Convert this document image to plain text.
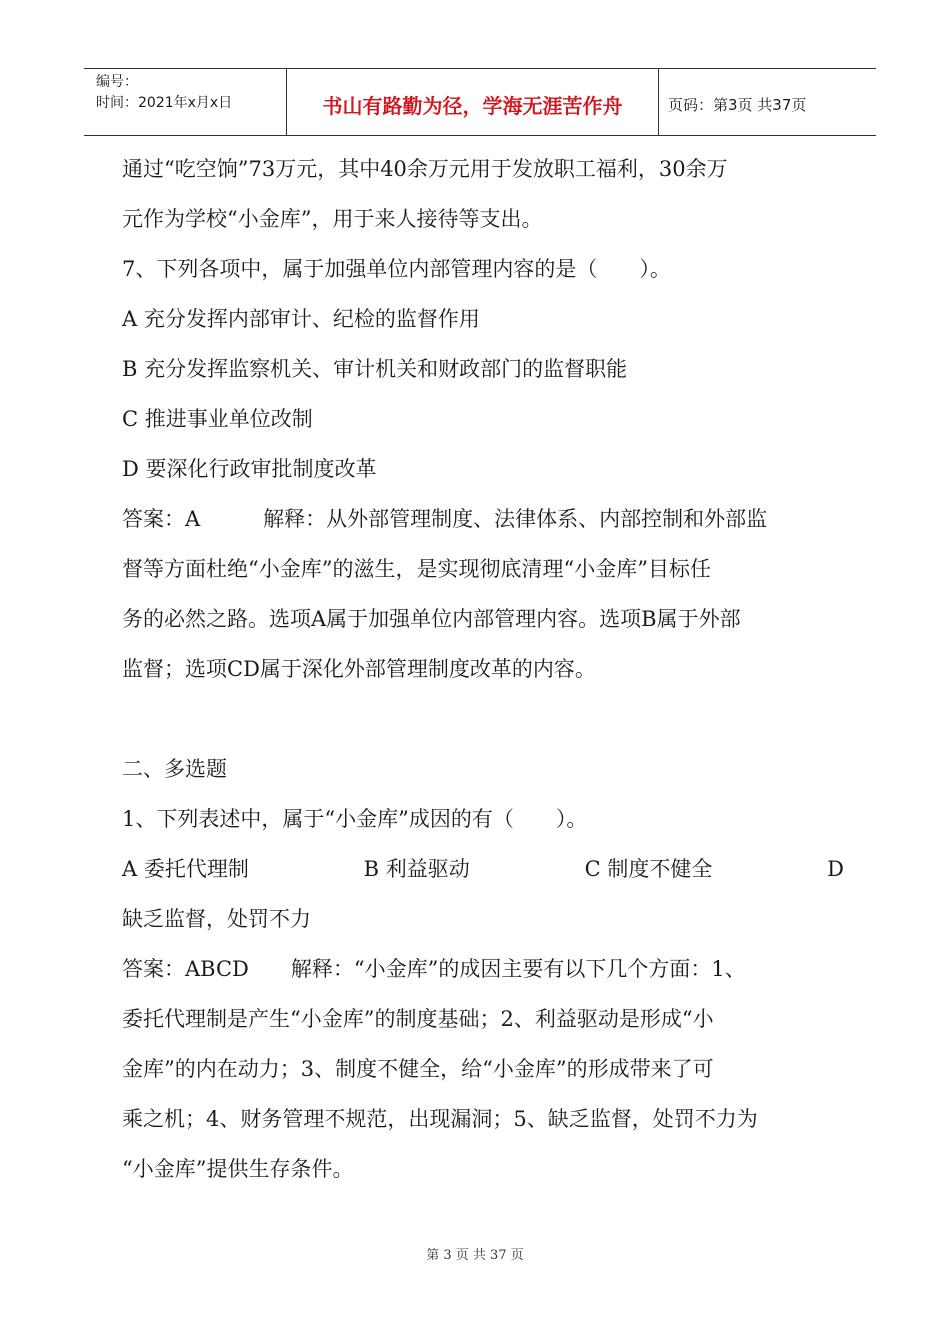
编号：
时间：2021年x月x日	书山有路勤为径，学海无涯苦作舟	页码：第3页 共37页

通过“吃空饷”73万元，其中40余万元用于发放职工福利，30余万

元作为学校“小金库”，用于来人接待等支出。

7、下列各项中，属于加强单位内部管理内容的是（　　）。

A 充分发挥内部审计、纪检的监督作用

B 充分发挥监察机关、审计机关和财政部门的监督职能

C 推进事业单位改制

D 要深化行政审批制度改革

答案：A　　　解释：从外部管理制度、法律体系、内部控制和外部监

督等方面杜绝“小金库”的滋生，是实现彻底清理“小金库”目标任

务的必然之路。选项A属于加强单位内部管理内容。选项B属于外部

监督；选项CD属于深化外部管理制度改革的内容。

二、多选题

1、下列表述中，属于“小金库”成因的有（　　）。

A 委托代理制	B 利益驱动	C 制度不健全	D

缺乏监督，处罚不力

答案：ABCD　　解释：“小金库”的成因主要有以下几个方面：1、

委托代理制是产生“小金库”的制度基础；2、利益驱动是形成“小

金库”的内在动力；3、制度不健全，给“小金库”的形成带来了可

乘之机；4、财务管理不规范，出现漏洞；5、缺乏监督，处罚不力为

“小金库”提供生存条件。

第 3 页 共 37 页
